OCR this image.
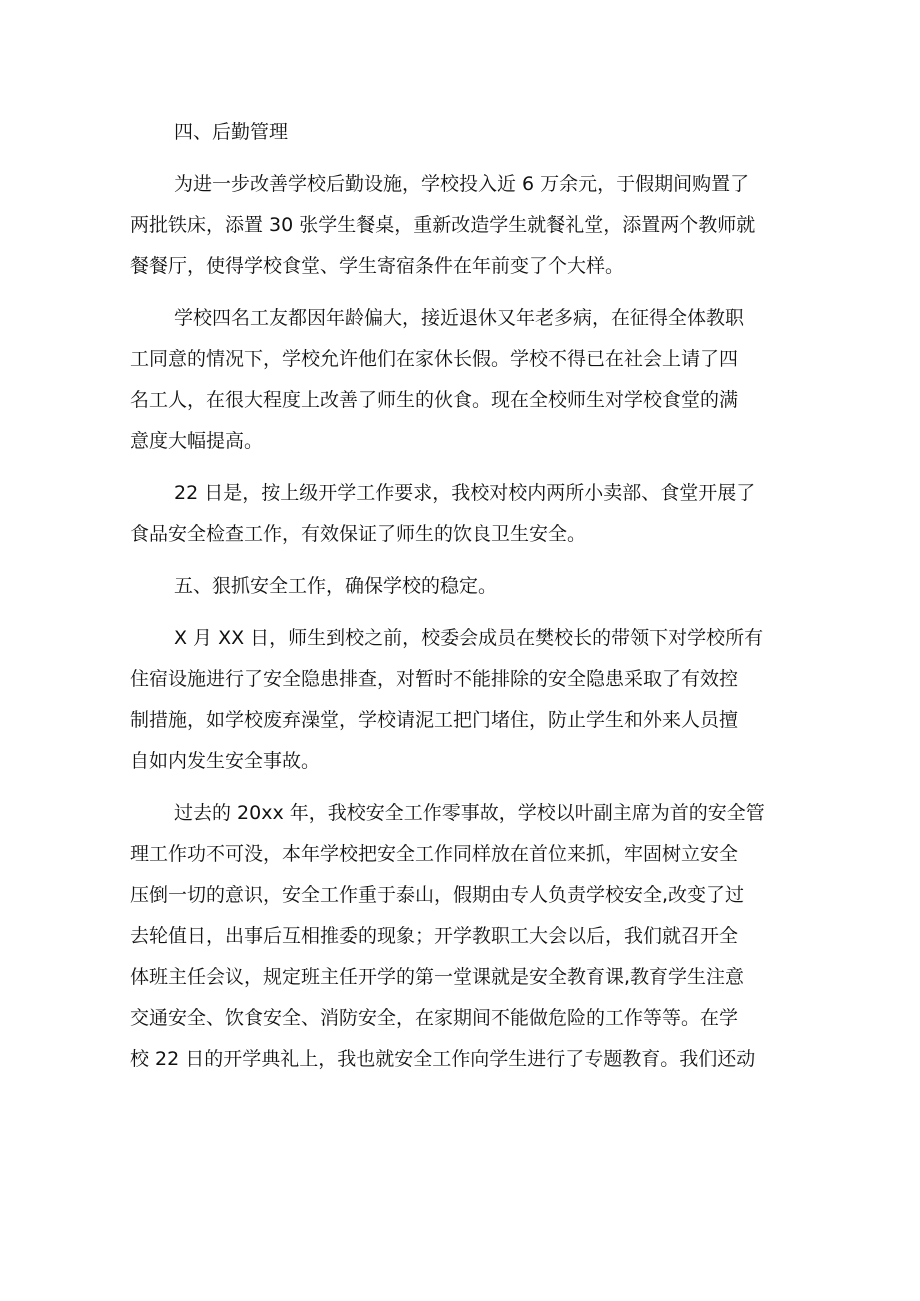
四、后勤管理
为进一步改善学校后勤设施，学校投入近 6 万余元，于假期间购置了
两批铁床，添置 30 张学生餐桌，重新改造学生就餐礼堂，添置两个教师就
餐餐厅，使得学校食堂、学生寄宿条件在年前变了个大样。
学校四名工友都因年龄偏大，接近退休又年老多病，在征得全体教职
工同意的情况下，学校允许他们在家休长假。学校不得已在社会上请了四
名工人，在很大程度上改善了师生的伙食。现在全校师生对学校食堂的满
意度大幅提高。
22 日是，按上级开学工作要求，我校对校内两所小卖部、食堂开展了
食品安全检查工作，有效保证了师生的饮良卫生安全。
五、狠抓安全工作，确保学校的稳定。
X 月 XX 日，师生到校之前，校委会成员在樊校长的带领下对学校所有
住宿设施进行了安全隐患排查，对暂时不能排除的安全隐患采取了有效控
制措施，如学校废弃澡堂，学校请泥工把门堵住，防止学生和外来人员擅
自如内发生安全事故。
过去的 20xx 年，我校安全工作零事故，学校以叶副主席为首的安全管
理工作功不可没，本年学校把安全工作同样放在首位来抓，牢固树立安全
压倒一切的意识，安全工作重于泰山，假期由专人负责学校安全,改变了过
去轮值日，出事后互相推委的现象；开学教职工大会以后，我们就召开全
体班主任会议，规定班主任开学的第一堂课就是安全教育课,教育学生注意
交通安全、饮食安全、消防安全，在家期间不能做危险的工作等等。在学
校 22 日的开学典礼上，我也就安全工作向学生进行了专题教育。我们还动
